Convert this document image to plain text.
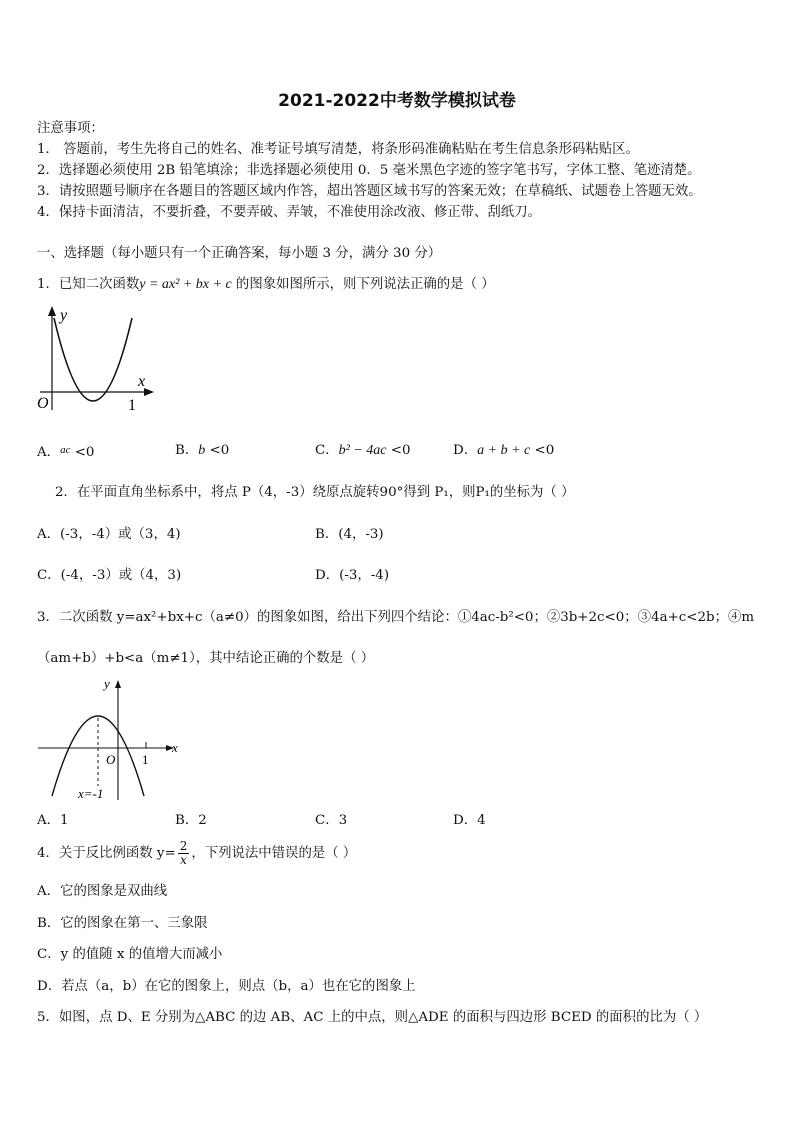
2021-2022中考数学模拟试卷
注意事项：
1． 答题前，考生先将自己的姓名、准考证号填写清楚，将条形码准确粘贴在考生信息条形码粘贴区。
2．选择题必须使用 2B 铅笔填涂；非选择题必须使用 0．5 毫米黑色字迹的签字笔书写，字体工整、笔迹清楚。
3．请按照题号顺序在各题目的答题区域内作答，超出答题区域书写的答案无效；在草稿纸、试题卷上答题无效。
4．保持卡面清洁，不要折叠，不要弄破、弄皱，不准使用涂改液、修正带、刮纸刀。
一、选择题（每小题只有一个正确答案，每小题 3 分，满分 30 分）
1．已知二次函数y = ax² + bx + c 的图象如图所示，则下列说法正确的是（ ）
y
x
O	1
A．$^{ac}$ <0	B．b <0	C．b² − 4ac <0	D．a + b + c <0
2．在平面直角坐标系中，将点 P（4，-3）绕原点旋转90°得到 P₁，则P₁的坐标为（ ）
A．(-3，-4）或（3，4)	B．(4，-3)
C．(-4，-3）或（4，3)	D．(-3，-4)
3．二次函数 y=ax²+bx+c（a≠0）的图象如图，给出下列四个结论：①4ac-b²<0；②3b+2c<0；③4a+c<2b；④m
（am+b）+b<a（m≠1），其中结论正确的个数是（ ）
y
x
O 1
x=-1
A．1	B．2	C．3	D．4
4．关于反比例函数 $y= \frac{2}{x}$ ，下列说法中错误的是（ ）
A．它的图象是双曲线
B．它的图象在第一、三象限
C．y 的值随 x 的值增大而减小
D．若点（a，b）在它的图象上，则点（b，a）也在它的图象上
5．如图，点 D、E 分别为△ABC 的边 AB、AC 上的中点，则△ADE 的面积与四边形 BCED 的面积的比为（ ）
